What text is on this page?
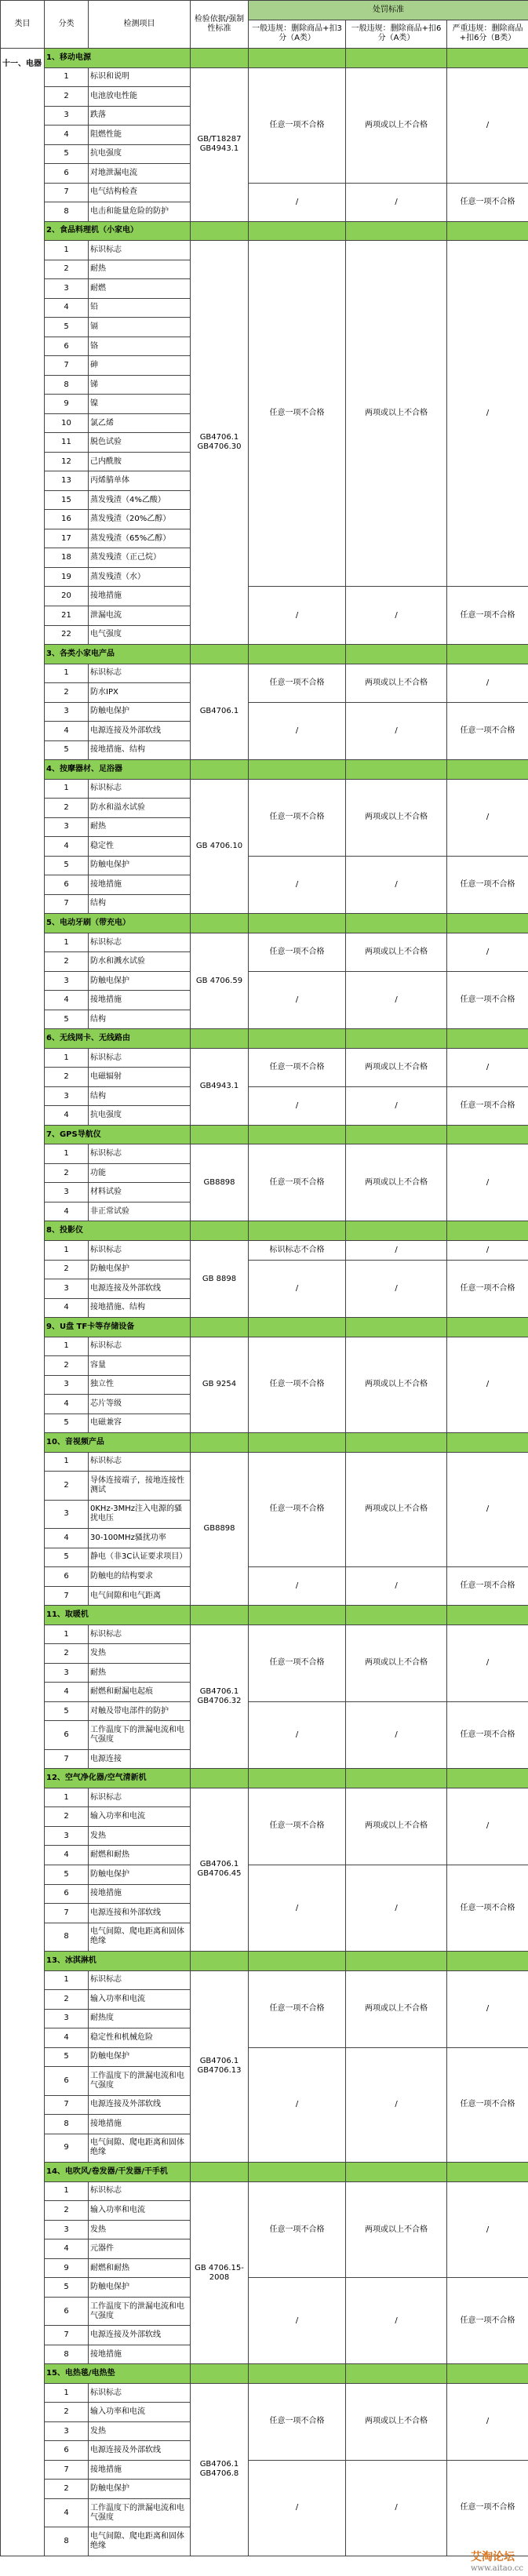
类目	分类	检测项目	检验依据/强制性标准	处罚标准		
				一般违规：删除商品+扣3分（A类）	一般违规：删除商品+扣6分（A类）	严重违规：删除商品+扣6分（B类）
十一、电器	1、移动电源					
	1	标识和说明	GB/T18287 GB4943.1	任意一项不合格	两项或以上不合格	/
	2	电池放电性能				
	3	跌落				
	4	阻燃性能				
	5	抗电强度				
	6	对地泄漏电流				
	7	电气结构检查		/	/	任意一项不合格
	8	电击和能量危险的防护				
	2、食品料理机（小家电）					
	1	标识标志	GB4706.1 GB4706.30	任意一项不合格	两项或以上不合格	/
	2	耐热				
	3	耐燃				
	4	铅				
	5	镉				
	6	铬				
	7	砷				
	8	锑				
	9	镍				
	10	氯乙烯				
	11	脱色试验				
	12	己内酰胺				
	13	丙烯腈单体				
	15	蒸发残渣（4%乙酸）				
	16	蒸发残渣（20%乙醇）				
	17	蒸发残渣（65%乙醇）				
	18	蒸发残渣（正己烷）				
	19	蒸发残渣（水）				
	20	接地措施		/	/	任意一项不合格
	21	泄漏电流				
	22	电气强度				
	3、各类小家电产品					
	1	标识标志	GB4706.1	任意一项不合格	两项或以上不合格	/
	2	防水IPX				
	3	防触电保护		/	/	任意一项不合格
	4	电源连接及外部软线				
	5	接地措施、结构				
	4、按摩器材、足浴器					
	1	标识标志	GB 4706.10	任意一项不合格	两项或以上不合格	/
	2	防水和溢水试验				
	3	耐热				
	4	稳定性				
	5	防触电保护		/	/	任意一项不合格
	6	接地措施				
	7	结构				
	5、电动牙刷（带充电）					
	1	标识标志	GB 4706.59	任意一项不合格	两项或以上不合格	/
	2	防水和溅水试验				
	3	防触电保护		/	/	任意一项不合格
	4	接地措施				
	5	结构				
	6、无线网卡、无线路由					
	1	标识标志	GB4943.1	任意一项不合格	两项或以上不合格	/
	2	电磁辐射				
	3	结构		/	/	任意一项不合格
	4	抗电强度				
	7、GPS导航仪					
	1	标识标志	GB8898	任意一项不合格	两项或以上不合格	/
	2	功能				
	3	材料试验				
	4	非正常试验				
	8、投影仪					
	1	标识标志	GB 8898	标识标志不合格	/	/
	2	防触电保护		/	/	任意一项不合格
	3	电源连接及外部软线				
	4	接地措施、结构				
	9、U盘 TF卡等存储设备					
	1	标识标志	GB 9254	任意一项不合格	两项或以上不合格	/
	2	容量				
	3	独立性				
	4	芯片等级				
	5	电磁兼容				
	10、音视频产品					
	1	标识标志	GB8898	任意一项不合格	两项或以上不合格	/
	2	导体连接端子，接地连接性测试				
	3	0KHz-3MHz注入电源的骚扰电压				
	4	30-100MHz骚扰功率				
	5	静电（非3C认证要求项目）				
	6	防触电的结构要求		/	/	任意一项不合格
	7	电气间隙和电气距离				
	11、取暖机					
	1	标识标志	GB4706.1 GB4706.32	任意一项不合格	两项或以上不合格	/
	2	发热				
	3	耐热				
	4	耐燃和耐漏电起痕				
	5	对触及带电部件的防护		/	/	任意一项不合格
	6	工作温度下的泄漏电流和电气强度				
	7	电源连接				
	12、空气净化器/空气清新机					
	1	标识标志	GB4706.1 GB4706.45	任意一项不合格	两项或以上不合格	/
	2	输入功率和电流				
	3	发热				
	4	耐燃和耐热				
	5	防触电保护		/	/	任意一项不合格
	6	接地措施				
	7	电源连接和外部软线				
	8	电气间隙、爬电距离和固体绝缘				
	13、冰淇淋机					
	1	标识标志	GB4706.1 GB4706.13	任意一项不合格	两项或以上不合格	/
	2	输入功率和电流				
	3	耐热度				
	4	稳定性和机械危险				
	5	防触电保护		/	/	任意一项不合格
	6	工作温度下的泄漏电流和电气强度				
	7	电源连接及外部软线				
	8	接地措施				
	9	电气间隙、爬电距离和固体绝缘				
	14、电吹风/卷发器/干发器/干手机					
	1	标识标志	GB 4706.15-2008	任意一项不合格	两项或以上不合格	/
	2	输入功率和电流				
	3	发热				
	4	元器件				
	9	耐燃和耐热				
	5	防触电保护		/	/	任意一项不合格
	6	工作温度下的泄漏电流和电气强度				
	7	电源连接及外部软线				
	8	接地措施				
	15、电热毯/电热垫					
	1	标识标志	GB4706.1 GB4706.8	任意一项不合格	两项或以上不合格	/
	2	输入功率和电流				
	3	发热				
	6	电源连接及外部软线				
	7	接地措施		/	/	任意一项不合格
	2	防触电保护				
	4	工作温度下的泄漏电流和电气强度				
	8	电气间隙、爬电距离和固体绝缘				
艾淘论坛
www.aitao.cc
